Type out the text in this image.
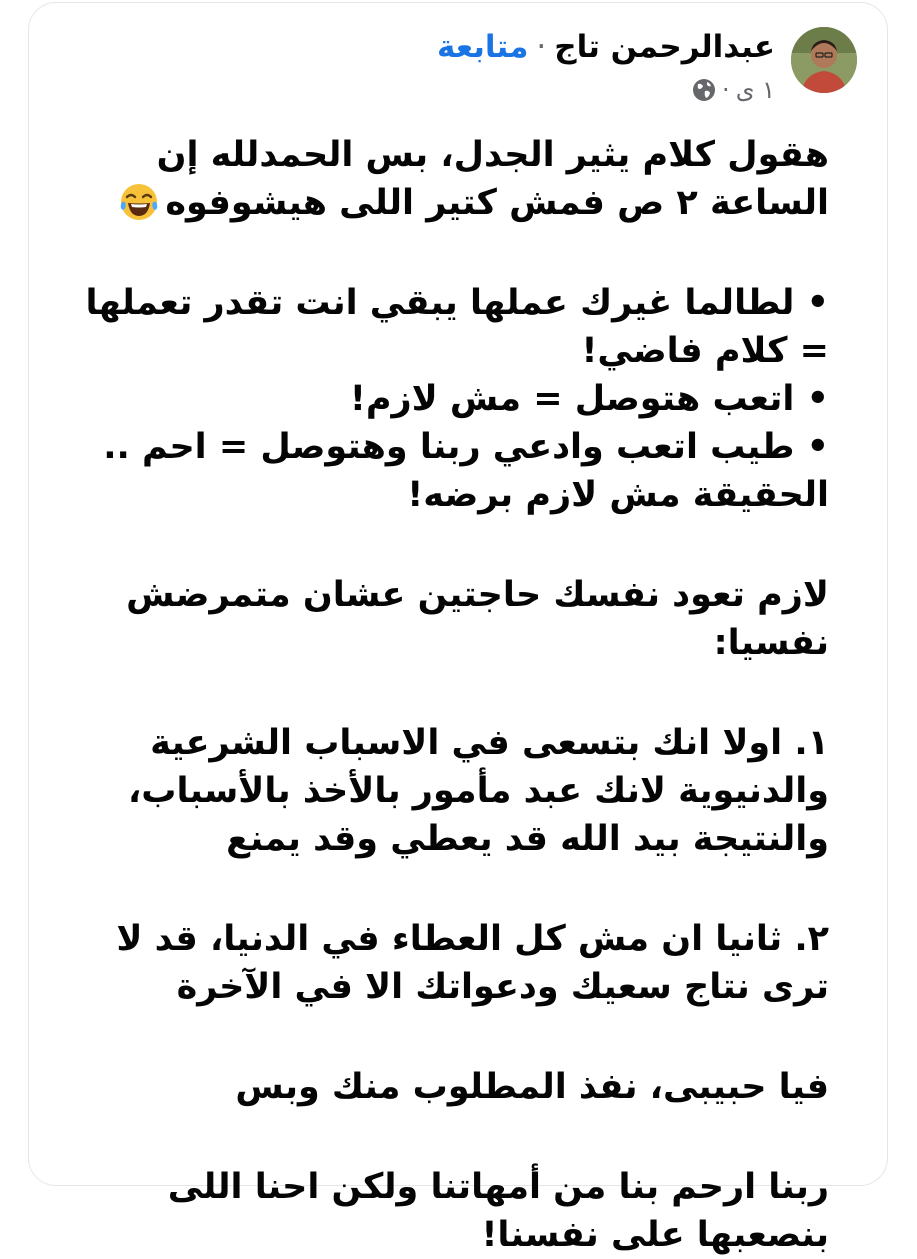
عبدالرحمن تاج·متابعة
١ ى
·

هقول كلام يثير الجدل، بس الحمدلله إن الساعة ٢ ص فمش كتير اللى هيشوفوه

• لطالما غيرك عملها يبقي انت تقدر تعملها = كلام فاضي!
• اتعب هتوصل = مش لازم!
• طيب اتعب وادعي ربنا وهتوصل = احم .. الحقيقة مش لازم برضه!

لازم تعود نفسك حاجتين عشان متمرضش نفسيا:

١. اولا انك بتسعى في الاسباب الشرعية والدنيوية لانك عبد مأمور بالأخذ بالأسباب، والنتيجة بيد الله قد يعطي وقد يمنع

٢. ثانيا ان مش كل العطاء في الدنيا، قد لا ترى نتاج سعيك ودعواتك الا في الآخرة

فيا حبيبى، نفذ المطلوب منك وبس

ربنا ارحم بنا من أمهاتنا ولكن احنا اللى بنصعبها على نفسنا!
